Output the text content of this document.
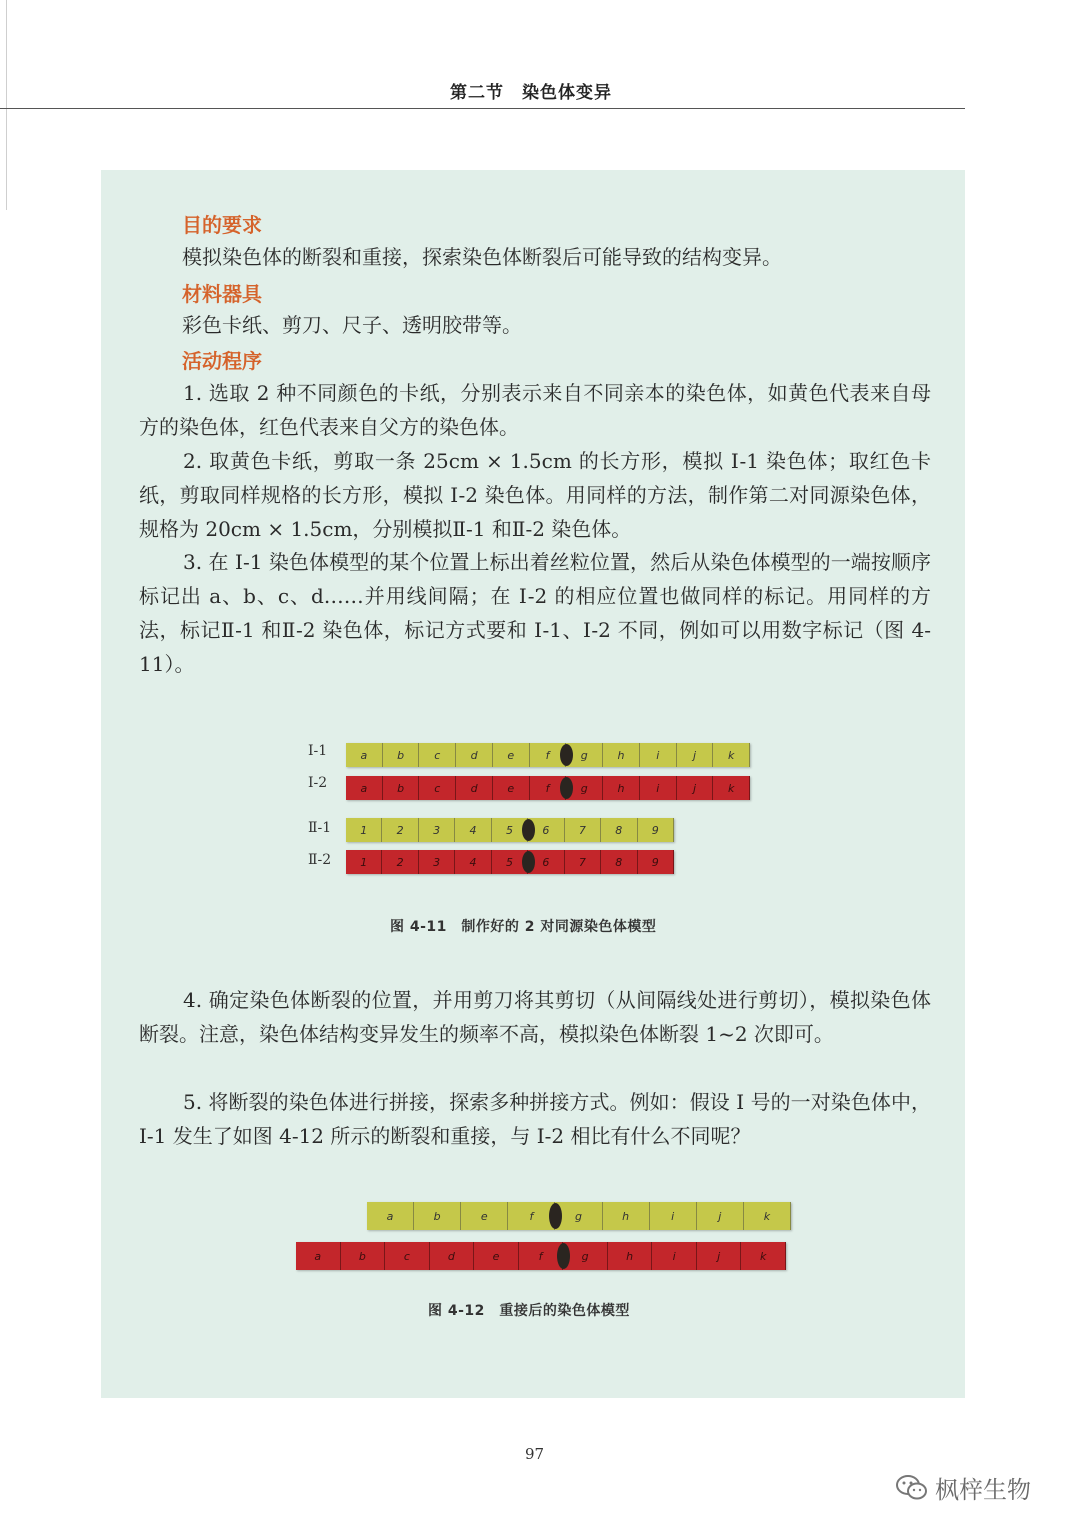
第二节　染色体变异
目的要求
模拟染色体的断裂和重接，探索染色体断裂后可能导致的结构变异。
材料器具
彩色卡纸、剪刀、尺子、透明胶带等。
活动程序
1. 选取 2 种不同颜色的卡纸，分别表示来自不同亲本的染色体，如黄色代表来自母方的染色体，红色代表来自父方的染色体。
2. 取黄色卡纸，剪取一条 25cm × 1.5cm 的长方形，模拟 Ⅰ-1 染色体；取红色卡纸，剪取同样规格的长方形，模拟 Ⅰ-2 染色体。用同样的方法，制作第二对同源染色体，规格为 20cm × 1.5cm，分别模拟Ⅱ-1 和Ⅱ-2 染色体。
3. 在 Ⅰ-1 染色体模型的某个位置上标出着丝粒位置，然后从染色体模型的一端按顺序标记出 a、b、c、d……并用线间隔；在 Ⅰ-2 的相应位置也做同样的标记。用同样的方法，标记Ⅱ-1 和Ⅱ-2 染色体，标记方式要和 Ⅰ-1、Ⅰ-2 不同，例如可以用数字标记（图 4-11）。
Ⅰ-1	a	b	c	d	e	f	g	h	i	j	k
Ⅰ-2	a	b	c	d	e	f	g	h	i	j	k
Ⅱ-1	1	2	3	4	5	6	7	8	9
Ⅱ-2	1	2	3	4	5	6	7	8	9
图 4-11　制作好的 2 对同源染色体模型
4. 确定染色体断裂的位置，并用剪刀将其剪切（从间隔线处进行剪切），模拟染色体断裂。注意，染色体结构变异发生的频率不高，模拟染色体断裂 1~2 次即可。
5. 将断裂的染色体进行拼接，探索多种拼接方式。例如：假设 Ⅰ 号的一对染色体中，Ⅰ-1 发生了如图 4-12 所示的断裂和重接，与 Ⅰ-2 相比有什么不同呢？
a	b	e	f	g	h	i	j	k
a	b	c	d	e	f	g	h	i	j	k
图 4-12　重接后的染色体模型
97
枫梓生物
